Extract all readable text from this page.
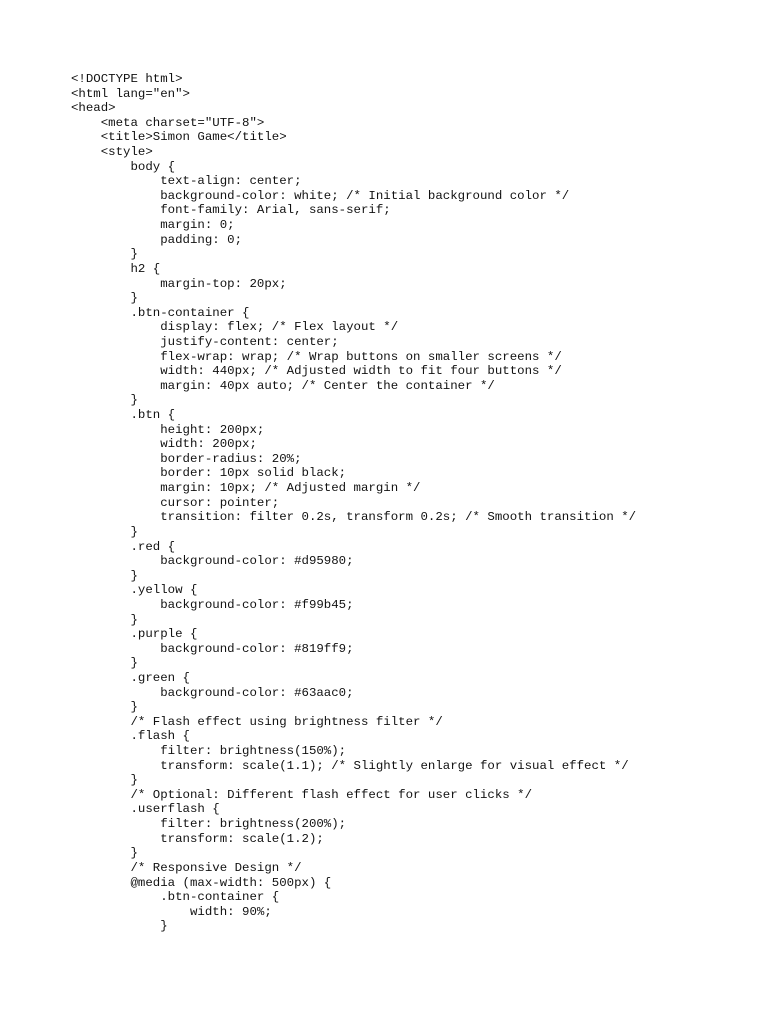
<!DOCTYPE html>
<html lang="en">
<head>
<meta charset="UTF-8">
<title>Simon Game</title>
<style>
body {
text-align: center;
background-color: white; /* Initial background color */
font-family: Arial, sans-serif;
margin: 0;
padding: 0;
}
h2 {
margin-top: 20px;
}
.btn-container {
display: flex; /* Flex layout */
justify-content: center;
flex-wrap: wrap; /* Wrap buttons on smaller screens */
width: 440px; /* Adjusted width to fit four buttons */
margin: 40px auto; /* Center the container */
}
.btn {
height: 200px;
width: 200px;
border-radius: 20%;
border: 10px solid black;
margin: 10px; /* Adjusted margin */
cursor: pointer;
transition: filter 0.2s, transform 0.2s; /* Smooth transition */
}
.red {
background-color: #d95980;
}
.yellow {
background-color: #f99b45;
}
.purple {
background-color: #819ff9;
}
.green {
background-color: #63aac0;
}
/* Flash effect using brightness filter */
.flash {
filter: brightness(150%);
transform: scale(1.1); /* Slightly enlarge for visual effect */
}
/* Optional: Different flash effect for user clicks */
.userflash {
filter: brightness(200%);
transform: scale(1.2);
}
/* Responsive Design */
@media (max-width: 500px) {
.btn-container {
width: 90%;
}
